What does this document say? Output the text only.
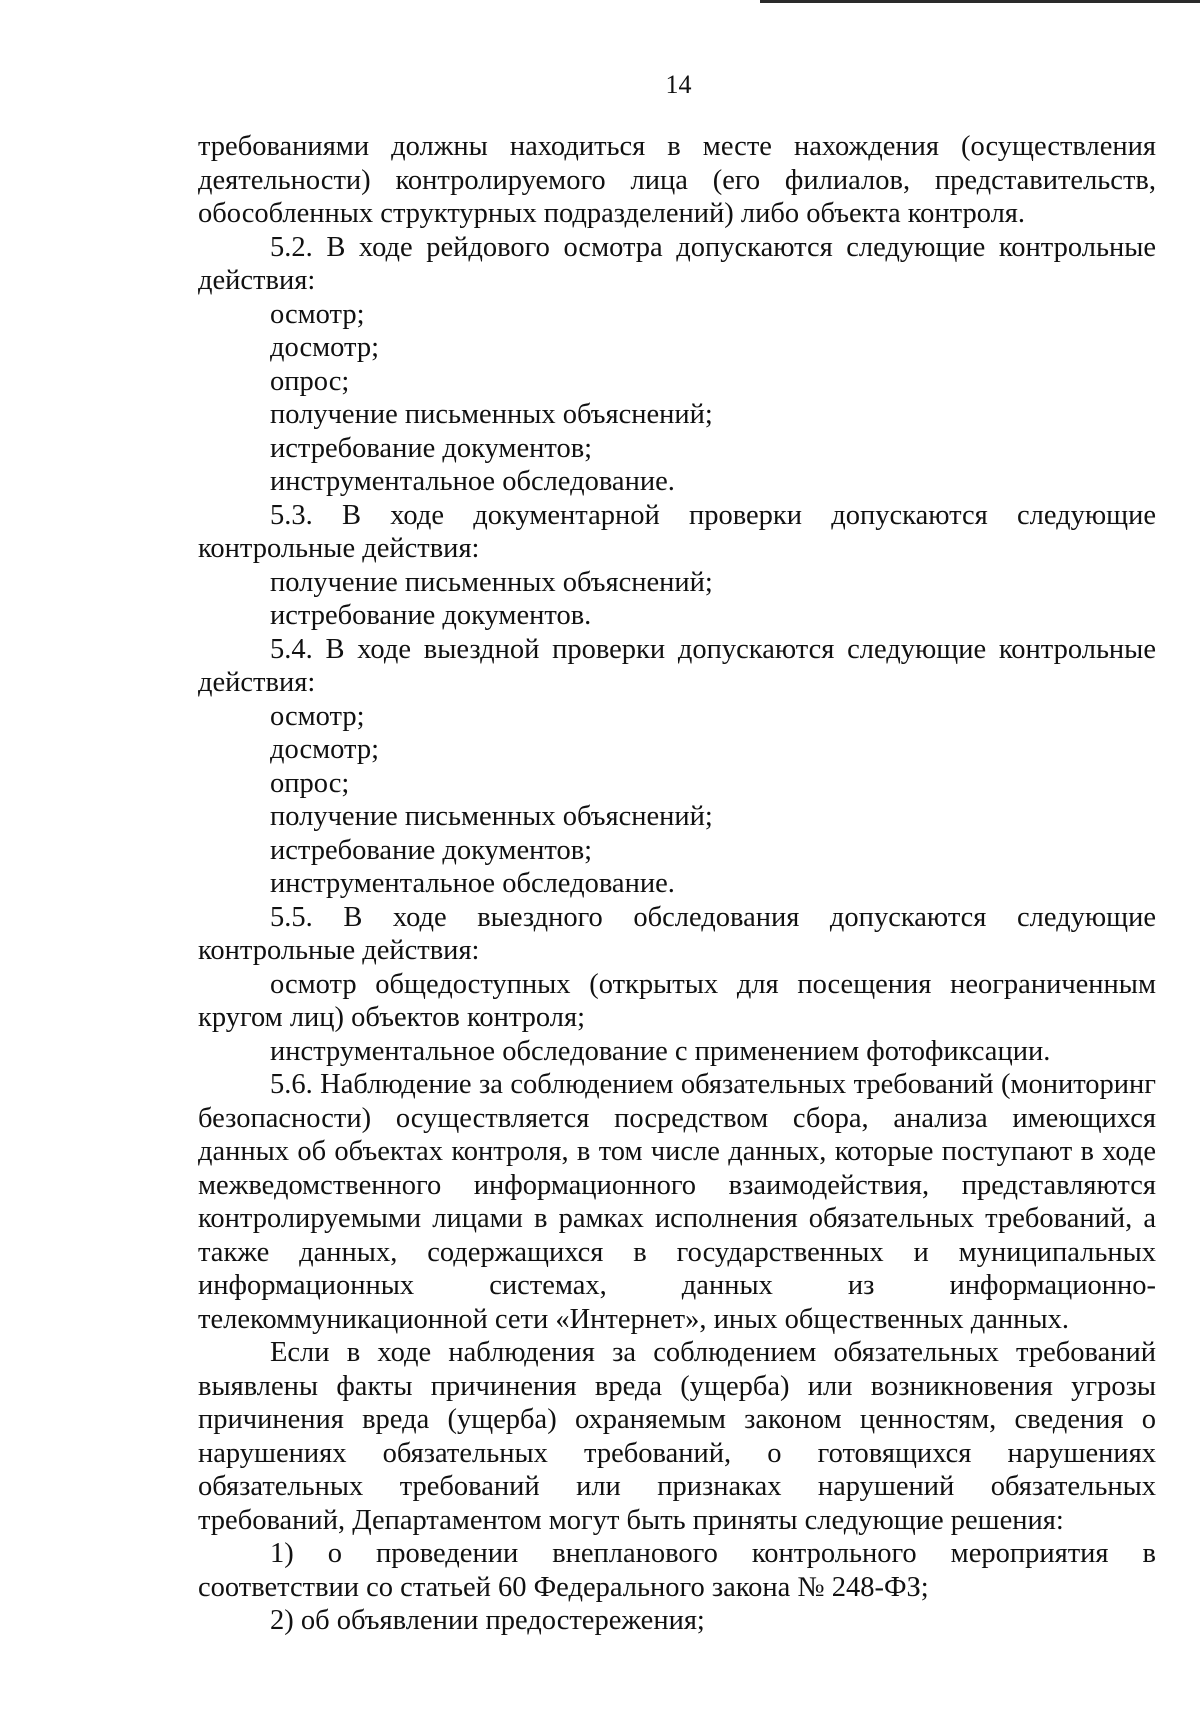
14

требованиями должны находиться в месте нахождения (осуществления деятельности) контролируемого лица (его филиалов, представительств, обособленных структурных подразделений) либо объекта контроля.

5.2. В ходе рейдового осмотра допускаются следующие контрольные действия:

осмотр;

досмотр;

опрос;

получение письменных объяснений;

истребование документов;

инструментальное обследование.

5.3. В ходе документарной проверки допускаются следующие контрольные действия:

получение письменных объяснений;

истребование документов.

5.4. В ходе выездной проверки допускаются следующие контрольные действия:

осмотр;

досмотр;

опрос;

получение письменных объяснений;

истребование документов;

инструментальное обследование.

5.5. В ходе выездного обследования допускаются следующие контрольные действия:

осмотр общедоступных (открытых для посещения неограниченным кругом лиц) объектов контроля;

инструментальное обследование с применением фотофиксации.

5.6. Наблюдение за соблюдением обязательных требований (мониторинг безопасности) осуществляется посредством сбора, анализа имеющихся данных об объектах контроля, в том числе данных, которые поступают в ходе межведомственного информационного взаимодействия, представляются контролируемыми лицами в рамках исполнения обязательных требований, а также данных, содержащихся в государственных и муниципальных информационных системах, данных из информационно-телекоммуникационной сети «Интернет», иных общественных данных.

Если в ходе наблюдения за соблюдением обязательных требований выявлены факты причинения вреда (ущерба) или возникновения угрозы причинения вреда (ущерба) охраняемым законом ценностям, сведения о нарушениях обязательных требований, о готовящихся нарушениях обязательных требований или признаках нарушений обязательных требований, Департаментом могут быть приняты следующие решения:

1) о проведении внепланового контрольного мероприятия в соответствии со статьей 60 Федерального закона № 248-ФЗ;

2) об объявлении предостережения;
